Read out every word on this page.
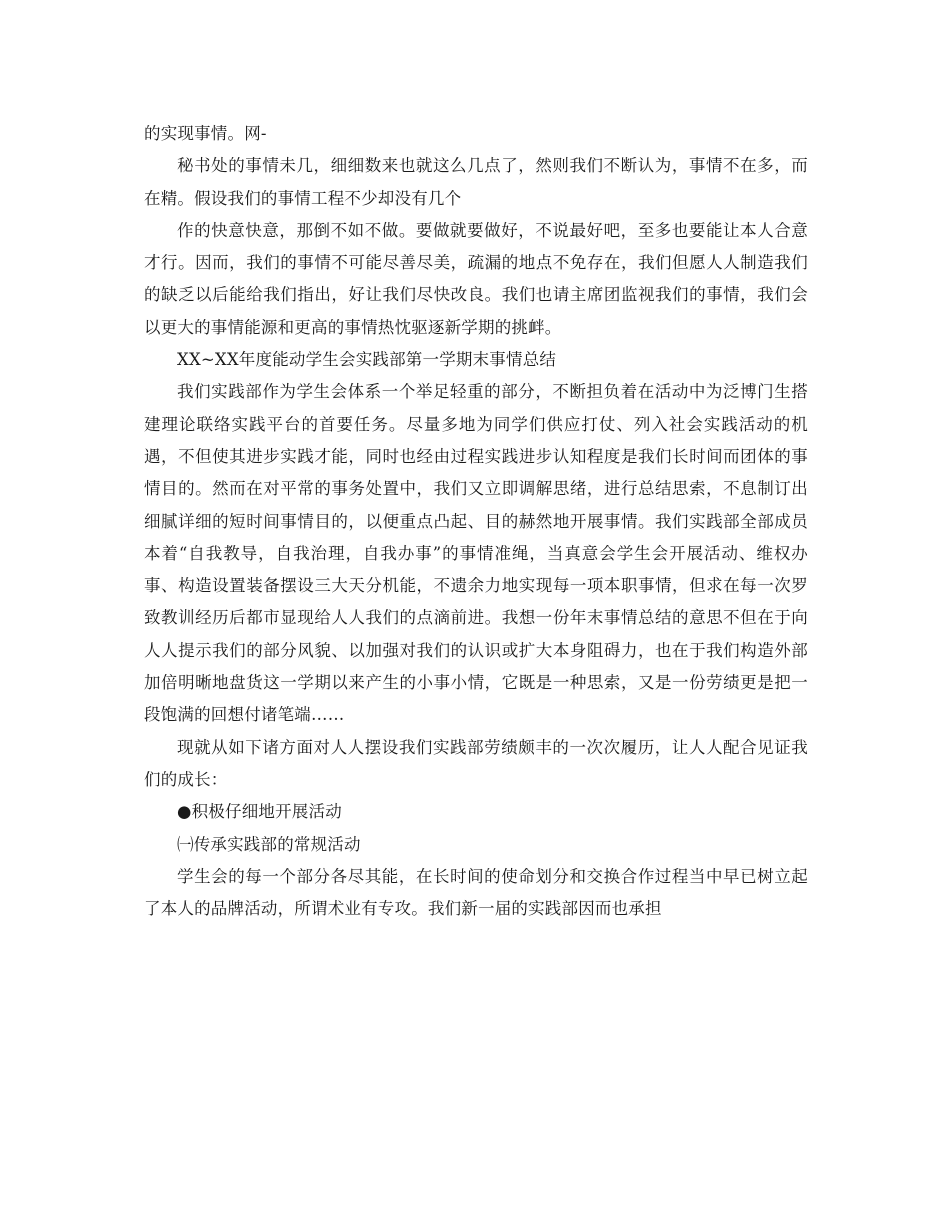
的实现事情。网-

秘书处的事情未几，细细数来也就这么几点了，然则我们不断认为，事情不在多，而在精。假设我们的事情工程不少却没有几个

作的快意快意，那倒不如不做。要做就要做好，不说最好吧，至多也要能让本人合意才行。因而，我们的事情不可能尽善尽美，疏漏的地点不免存在，我们但愿人人制造我们的缺乏以后能给我们指出，好让我们尽快改良。我们也请主席团监视我们的事情，我们会以更大的事情能源和更高的事情热忱驱逐新学期的挑衅。

XX~XX年度能动学生会实践部第一学期末事情总结

我们实践部作为学生会体系一个举足轻重的部分，不断担负着在活动中为泛博门生搭建理论联络实践平台的首要任务。尽量多地为同学们供应打仗、列入社会实践活动的机遇，不但使其进步实践才能，同时也经由过程实践进步认知程度是我们长时间而团体的事情目的。然而在对平常的事务处置中，我们又立即调解思绪，进行总结思索，不息制订出细腻详细的短时间事情目的，以便重点凸起、目的赫然地开展事情。我们实践部全部成员本着“自我教导，自我治理，自我办事”的事情准绳，当真意会学生会开展活动、维权办事、构造设置装备摆设三大天分机能，不遗余力地实现每一项本职事情，但求在每一次罗致教训经历后都市显现给人人我们的点滴前进。我想一份年末事情总结的意思不但在于向人人提示我们的部分风貌、以加强对我们的认识或扩大本身阻碍力，也在于我们构造外部加倍明晰地盘货这一学期以来产生的小事小情，它既是一种思索，又是一份劳绩更是把一段饱满的回想付诸笔端……

现就从如下诸方面对人人摆设我们实践部劳绩颇丰的一次次履历，让人人配合见证我们的成长：

●积极仔细地开展活动

㈠传承实践部的常规活动

学生会的每一个部分各尽其能，在长时间的使命划分和交换合作过程当中早已树立起了本人的品牌活动，所谓术业有专攻。我们新一届的实践部因而也承担
